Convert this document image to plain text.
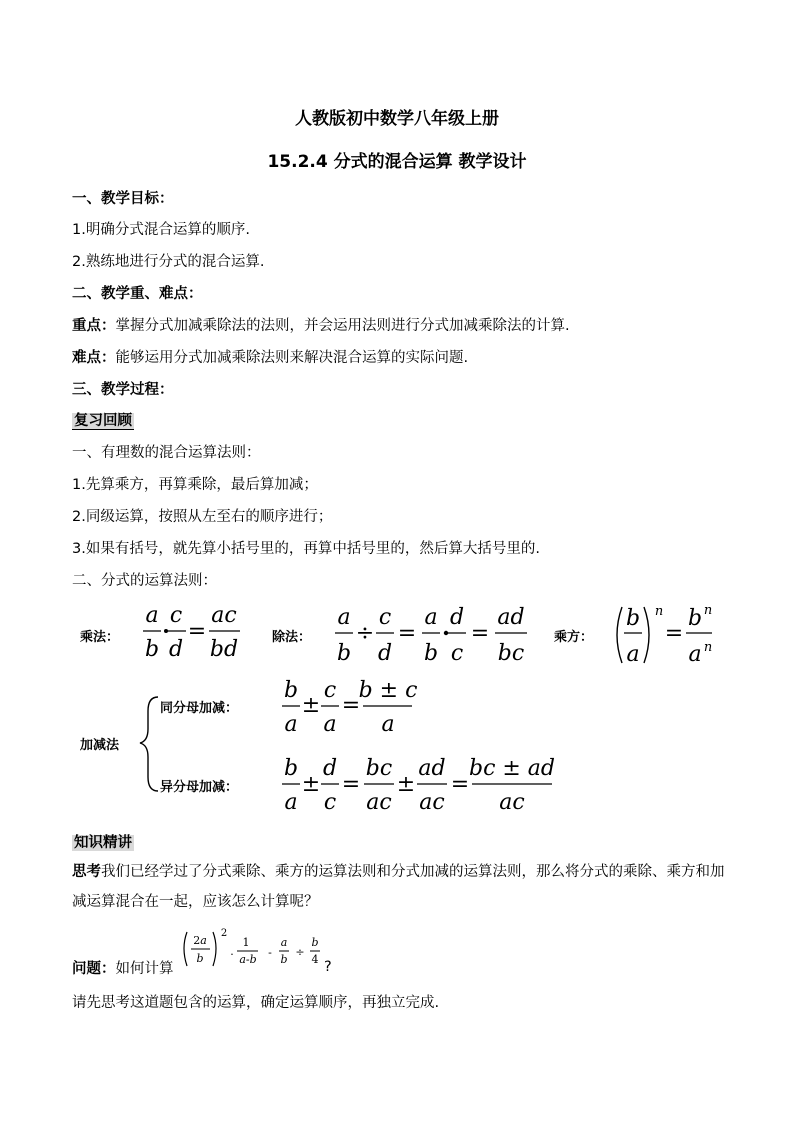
人教版初中数学八年级上册
15.2.4 分式的混合运算 教学设计
一、教学目标：
1.明确分式混合运算的顺序.
2.熟练地进行分式的混合运算.
二、教学重、难点：
重点：掌握分式加减乘除法的法则，并会运用法则进行分式加减乘除法的计算.
难点：能够运用分式加减乘除法则来解决混合运算的实际问题.
三、教学过程：
复习回顾
一、有理数的混合运算法则：
1.先算乘方，再算乘除，最后算加减；
2.同级运算，按照从左至右的顺序进行；
3.如果有括号，就先算小括号里的，再算中括号里的，然后算大括号里的.
二、分式的运算法则：
乘法：	除法：	乘方：
加减法
同分母加减：
异分母加减：
a
b
c
d
=
ac
bd
a
b
÷
c
d
=
a
b
d
c
=
ad
bc
b
a
n
=
b n
a n
b
a
±
c
a
=
b ± c
a
b
a
±
d
c
=
bc
ac
±
ad
ac
=
bc ± ad
ac
知识精讲
思考我们已经学过了分式乘除、乘方的运算法则和分式加减的运算法则，那么将分式的乘除、乘方和加减运算混合在一起，应该怎么计算呢？
问题：如何计算
2a
b
2
·
1
a-b
-
a
b
÷
b
4 ?
请先思考这道题包含的运算，确定运算顺序，再独立完成.
